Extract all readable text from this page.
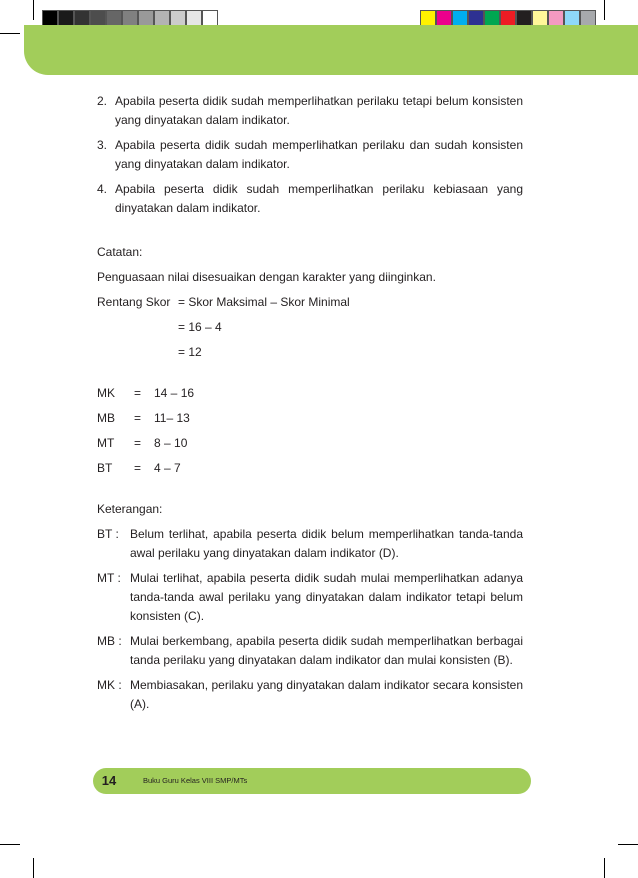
2. Apabila peserta didik sudah memperlihatkan perilaku tetapi belum konsisten yang dinyatakan dalam indikator.
3. Apabila peserta didik sudah memperlihatkan perilaku dan sudah konsisten yang dinyatakan dalam indikator.
4. Apabila peserta didik sudah memperlihatkan perilaku kebiasaan yang dinyatakan dalam indikator.

Catatan:

Penguasaan nilai disesuaikan dengan karakter yang diinginkan.

Rentang Skor = Skor Maksimal – Skor Minimal

= 16 – 4

= 12

MK	=	14 – 16
MB	=	11– 13
MT	=	8 – 10
BT	=	4 – 7

Keterangan:

BT : Belum terlihat, apabila peserta didik belum memperlihatkan tanda-tanda awal perilaku yang dinyatakan dalam indikator (D).
MT : Mulai terlihat, apabila peserta didik sudah mulai memperlihatkan adanya tanda-tanda awal perilaku yang dinyatakan dalam indikator tetapi belum konsisten (C).
MB : Mulai berkembang, apabila peserta didik sudah memperlihatkan berbagai tanda perilaku yang dinyatakan dalam indikator dan mulai konsisten (B).
MK : Membiasakan, perilaku yang dinyatakan dalam indikator secara konsisten (A).
14	Buku Guru Kelas VIII SMP/MTs
